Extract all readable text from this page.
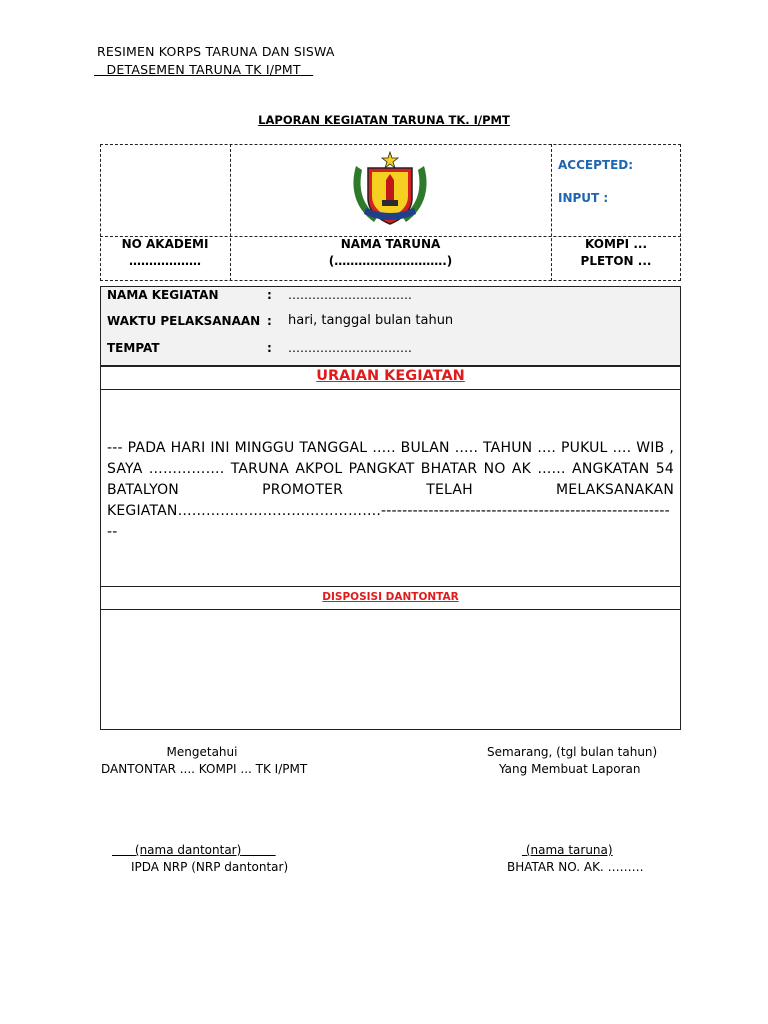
RESIMEN KORPS TARUNA DAN SISWA
DETASEMEN TARUNA TK I/PMT
LAPORAN KEGIATAN TARUNA TK. I/PMT
ACCEPTED:
INPUT :
NO AKADEMI
………………
NAMA TARUNA
(……………………….)
KOMPI ...
PLETON ...
NAMA KEGIATAN	: ………………………….
WAKTU PELAKSANAAN : hari, tanggal bulan tahun
TEMPAT	: ………………………….
URAIAN KEGIATAN
--- PADA HARI INI MINGGU TANGGAL ….. BULAN ….. TAHUN …. PUKUL …. WIB , SAYA ……………. TARUNA AKPOL PANGKAT BHATAR NO AK …… ANGKATAN 54 BATALYON PROMOTER TELAH MELAKSANAKAN KEGIATAN…………………………………….---------------------------------------------------------
DISPOSISI DANTONTAR
Mengetahui
DANTONTAR .... KOMPI ... TK I/PMT
(nama dantontar)
IPDA NRP (NRP dantontar)
Semarang, (tgl bulan tahun)
Yang Membuat Laporan
(nama taruna)
BHATAR NO. AK. ………
